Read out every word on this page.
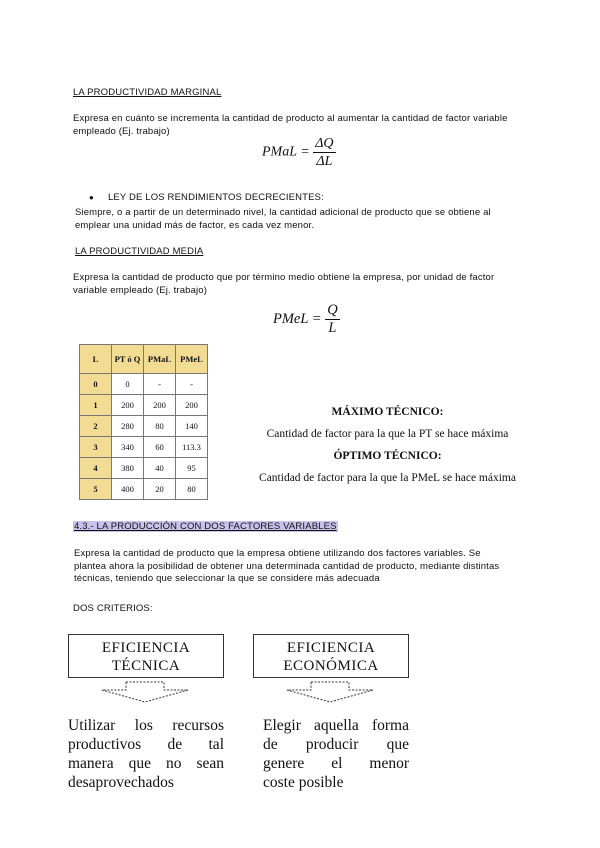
LA PRODUCTIVIDAD MARGINAL
Expresa en cuánto se incrementa la cantidad de producto al aumentar la cantidad de factor variable
empleado (Ej. trabajo)
PMaL = $\frac{\Delta Q}{\Delta L}$
● LEY DE LOS RENDIMIENTOS DECRECIENTES:
Siempre, o a partir de un determinado nivel, la cantidad adicional de producto que se obtiene al
emplear una unidad más de factor, es cada vez menor.
LA PRODUCTIVIDAD MEDIA
Expresa la cantidad de producto que por término medio obtiene la empresa, por unidad de factor
variable empleado (Ej. trabajo)
PMeL = $\frac{Q}{L}$
L	PT ó Q	PMaL	PMeL
0	0	-	-
1	200	200	200
2	280	80	140
3	340	60	113.3
4	380	40	95
5	400	20	80
MÁXIMO TÉCNICO:
Cantidad de factor para la que la PT se hace máxima
ÓPTIMO TÉCNICO:
Cantidad de factor para la que la PMeL se hace máxima
4.3.- LA PRODUCCIÓN CON DOS FACTORES VARIABLES
Expresa la cantidad de producto que la empresa obtiene utilizando dos factores variables. Se
plantea ahora la posibilidad de obtener una determinada cantidad de producto, mediante distintas
técnicas, teniendo que seleccionar la que se considere más adecuada
DOS CRITERIOS:
EFICIENCIA
TÉCNICA
EFICIENCIA
ECONÓMICA
Utilizar los recursos
productivos de tal
manera que no sean
desaprovechados
Elegir aquella forma
de producir que
genere el menor
coste posible
